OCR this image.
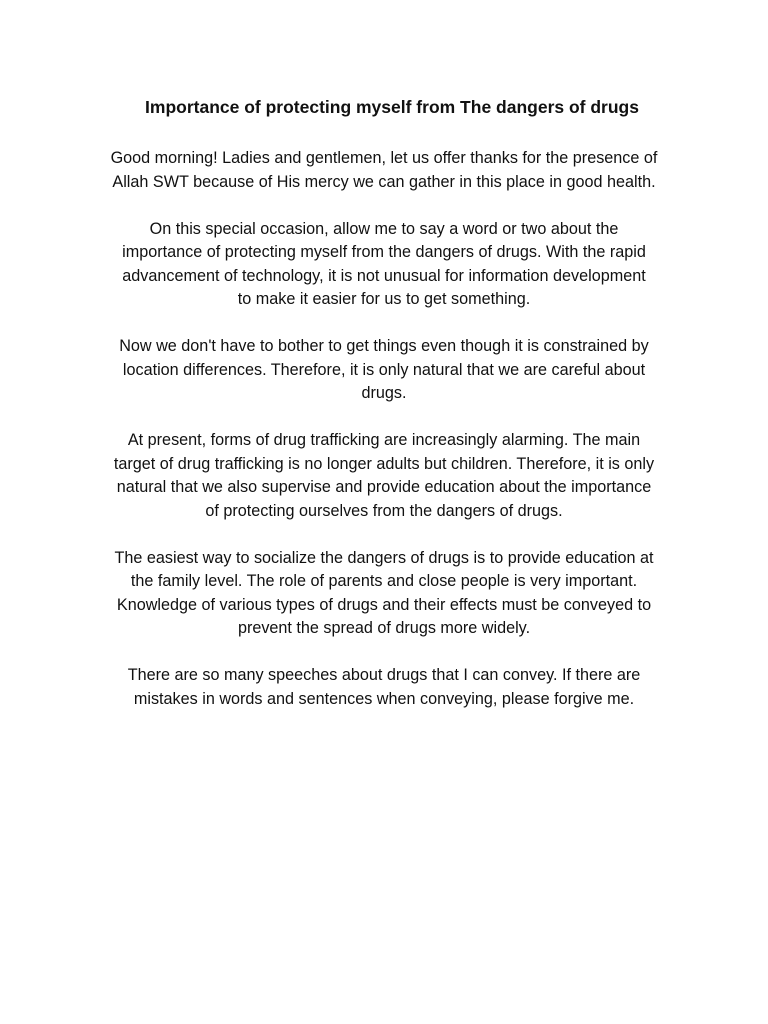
Importance of protecting myself from The dangers of drugs

Good morning! Ladies and gentlemen, let us offer thanks for the presence of
Allah SWT because of His mercy we can gather in this place in good health.

On this special occasion, allow me to say a word or two about the
importance of protecting myself from the dangers of drugs. With the rapid
advancement of technology, it is not unusual for information development
to make it easier for us to get something.

Now we don't have to bother to get things even though it is constrained by
location differences. Therefore, it is only natural that we are careful about
drugs.

At present, forms of drug trafficking are increasingly alarming. The main
target of drug trafficking is no longer adults but children. Therefore, it is only
natural that we also supervise and provide education about the importance
of protecting ourselves from the dangers of drugs.

The easiest way to socialize the dangers of drugs is to provide education at
the family level. The role of parents and close people is very important.
Knowledge of various types of drugs and their effects must be conveyed to
prevent the spread of drugs more widely.

There are so many speeches about drugs that I can convey. If there are
mistakes in words and sentences when conveying, please forgive me.
